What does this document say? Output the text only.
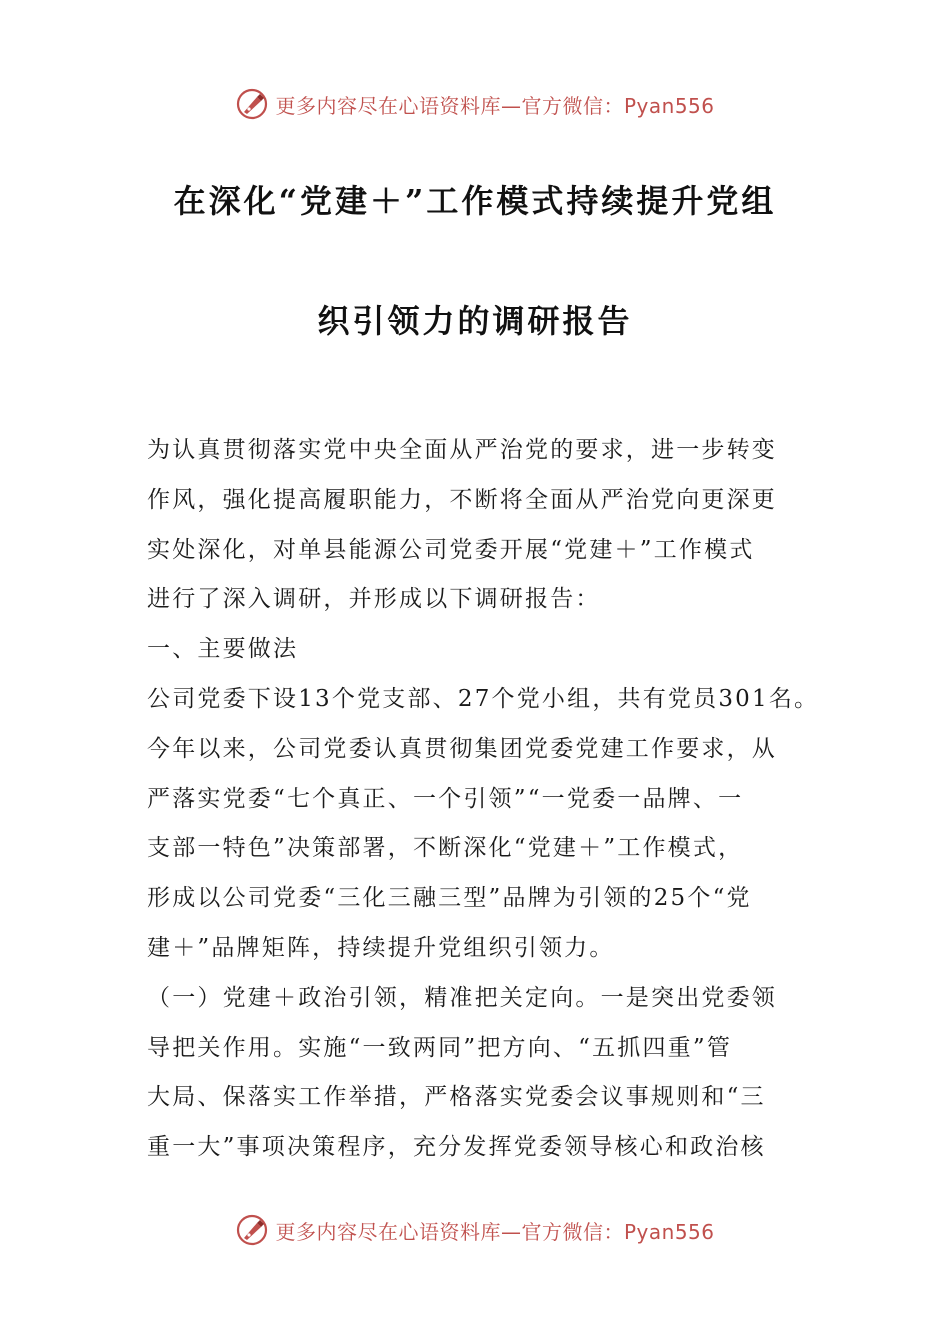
更多内容尽在心语资料库—官方微信：Pyan556
在深化“党建＋”工作模式持续提升党组
织引领力的调研报告
为认真贯彻落实党中央全面从严治党的要求，进一步转变
作风，强化提高履职能力，不断将全面从严治党向更深更
实处深化，对单县能源公司党委开展“党建＋”工作模式
进行了深入调研，并形成以下调研报告：
一、主要做法
公司党委下设13个党支部、27个党小组，共有党员301名。
今年以来，公司党委认真贯彻集团党委党建工作要求，从
严落实党委“七个真正、一个引领”“一党委一品牌、一
支部一特色”决策部署，不断深化“党建＋”工作模式，
形成以公司党委“三化三融三型”品牌为引领的25个“党
建＋”品牌矩阵，持续提升党组织引领力。
（一）党建＋政治引领，精准把关定向。一是突出党委领
导把关作用。实施“一致两同”把方向、“五抓四重”管
大局、保落实工作举措，严格落实党委会议事规则和“三
重一大”事项决策程序，充分发挥党委领导核心和政治核
更多内容尽在心语资料库—官方微信：Pyan556
